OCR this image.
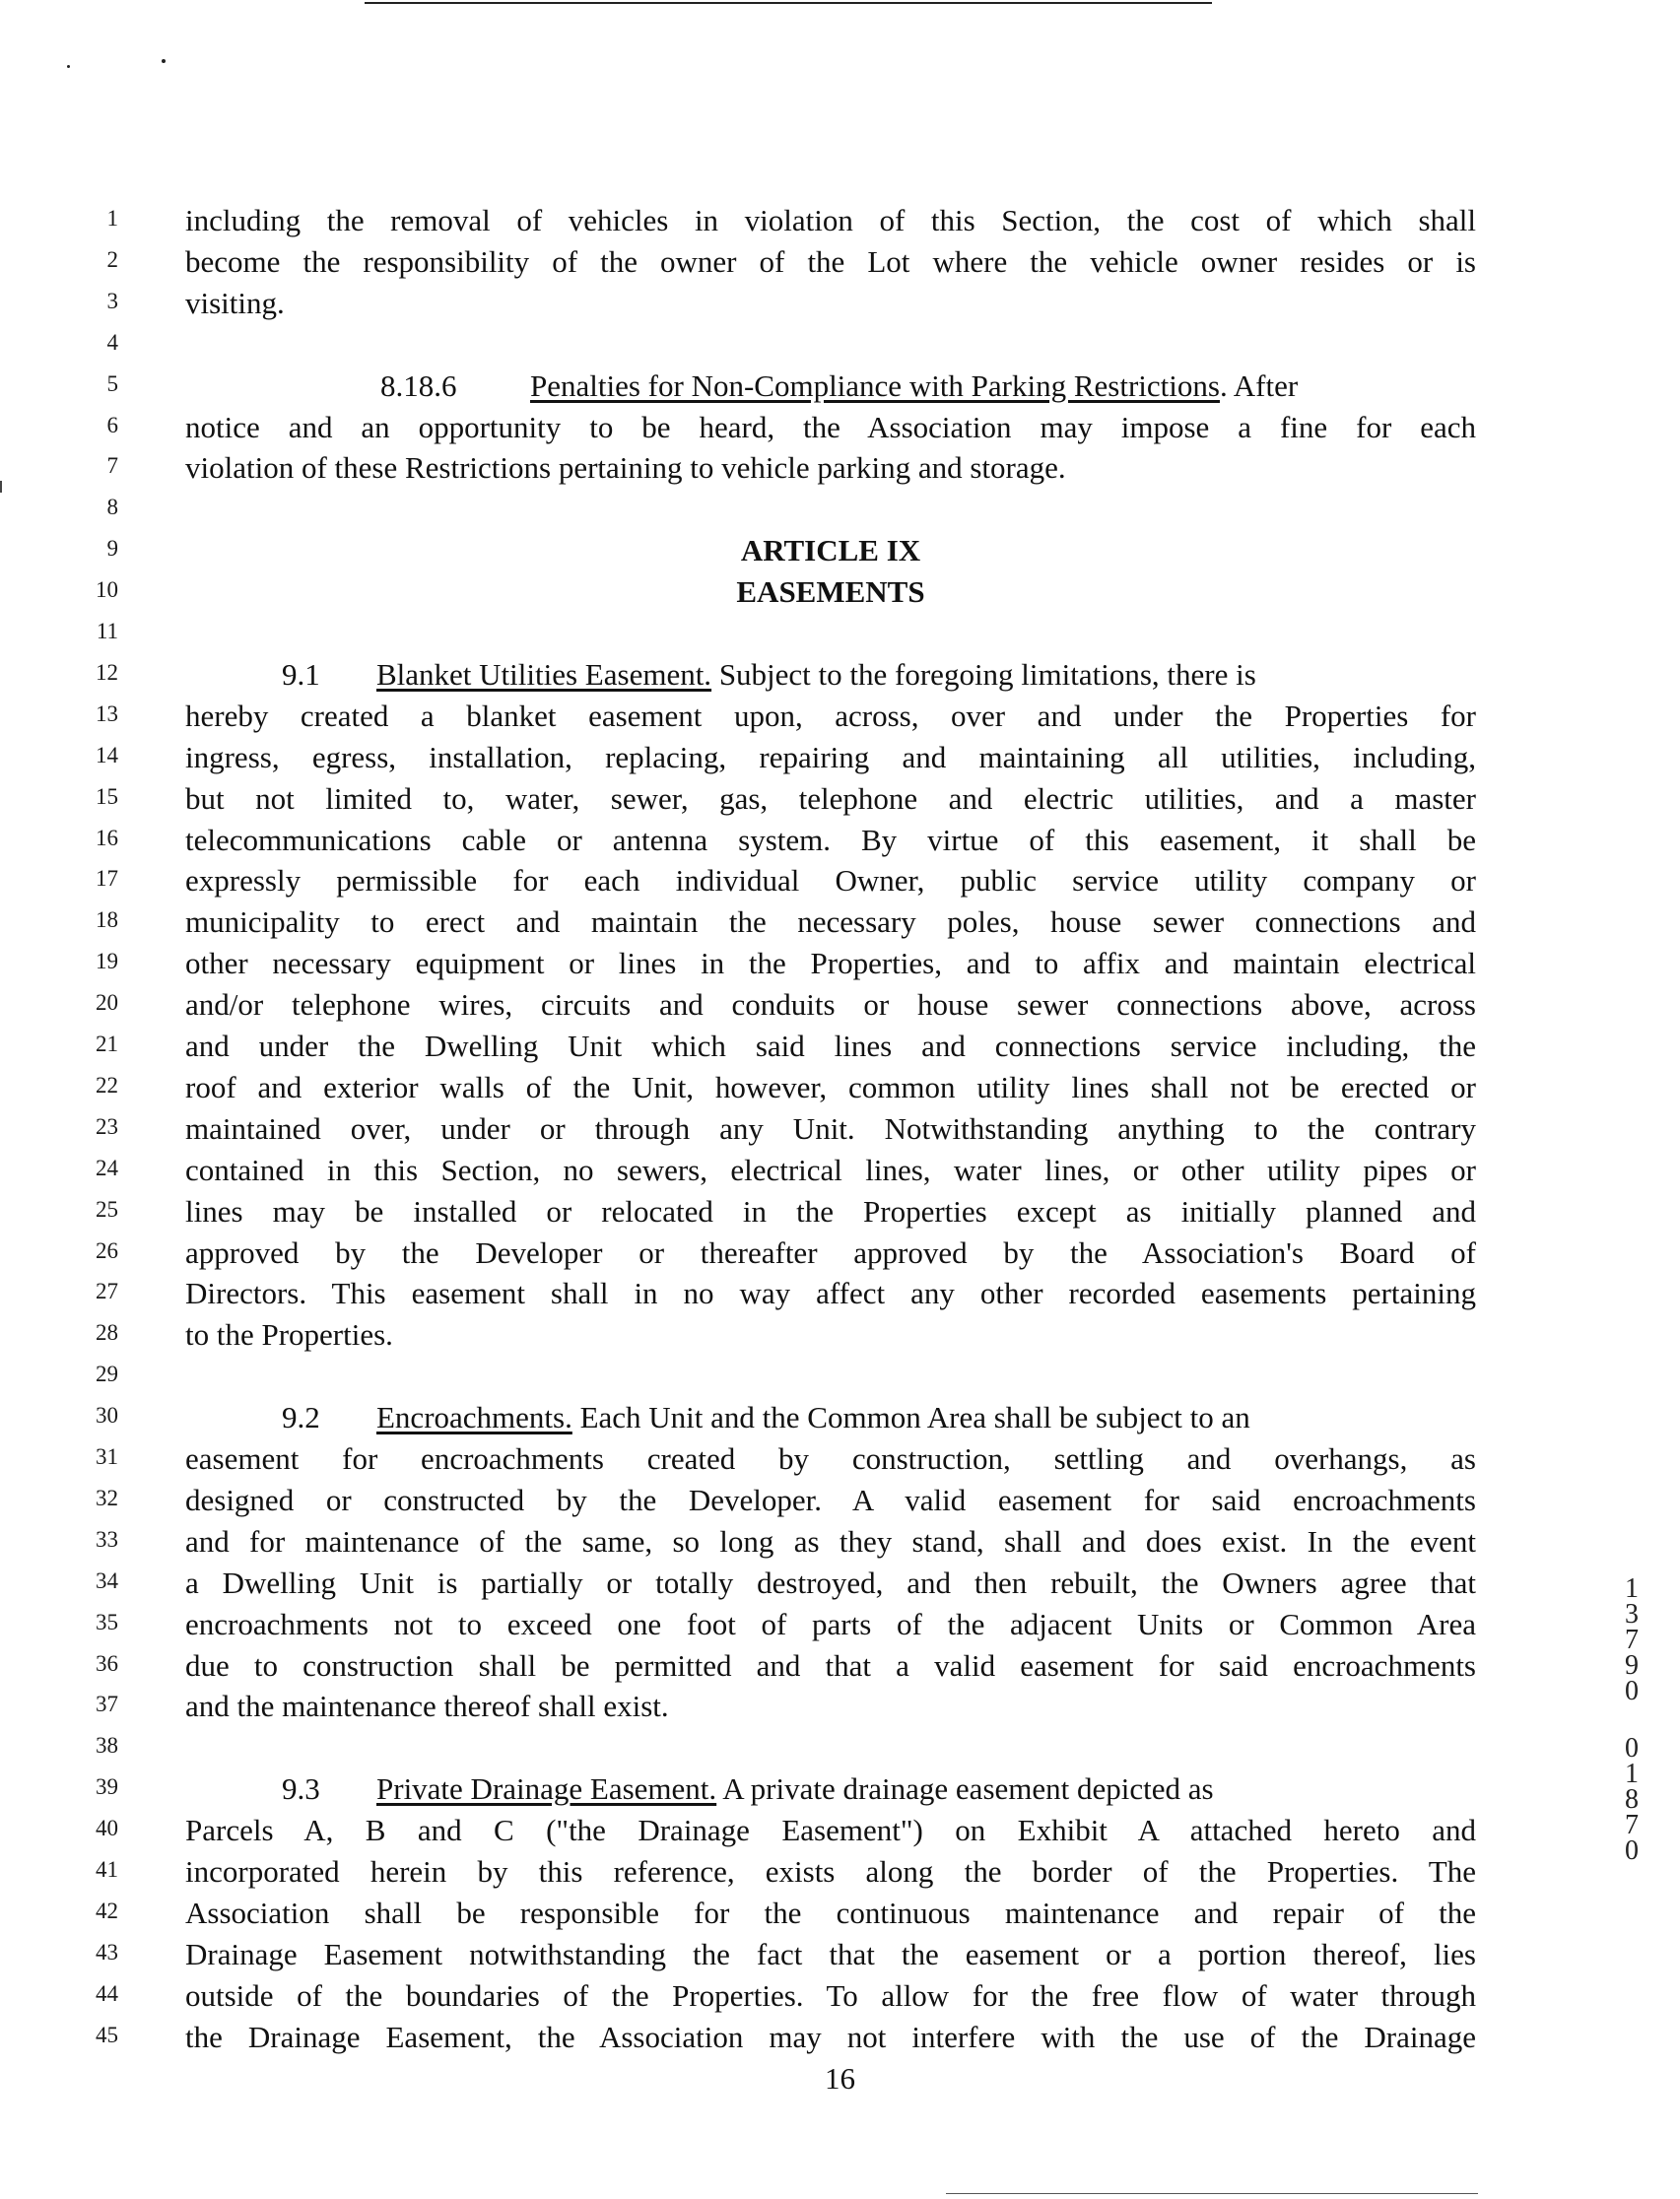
1 including the removal of vehicles in violation of this Section, the cost of which shall
2 become the responsibility of the owner of the Lot where the vehicle owner resides or is
3 visiting.
4
5	8.18.6 Penalties for Non-Compliance with Parking Restrictions. After
6 notice and an opportunity to be heard, the Association may impose a fine for each
7 violation of these Restrictions pertaining to vehicle parking and storage.
8
9	ARTICLE IX
10	EASEMENTS
11
12	9.1 Blanket Utilities Easement. Subject to the foregoing limitations, there is
13 hereby created a blanket easement upon, across, over and under the Properties for
14 ingress, egress, installation, replacing, repairing and maintaining all utilities, including,
15 but not limited to, water, sewer, gas, telephone and electric utilities, and a master
16 telecommunications cable or antenna system. By virtue of this easement, it shall be
17 expressly permissible for each individual Owner, public service utility company or
18 municipality to erect and maintain the necessary poles, house sewer connections and
19 other necessary equipment or lines in the Properties, and to affix and maintain electrical
20 and/or telephone wires, circuits and conduits or house sewer connections above, across
21 and under the Dwelling Unit which said lines and connections service including, the
22 roof and exterior walls of the Unit, however, common utility lines shall not be erected or
23 maintained over, under or through any Unit. Notwithstanding anything to the contrary
24 contained in this Section, no sewers, electrical lines, water lines, or other utility pipes or
25 lines may be installed or relocated in the Properties except as initially planned and
26 approved by the Developer or thereafter approved by the Association's Board of
27 Directors. This easement shall in no way affect any other recorded easements pertaining
28 to the Properties.
29
30	9.2 Encroachments. Each Unit and the Common Area shall be subject to an
31 easement for encroachments created by construction, settling and overhangs, as
32 designed or constructed by the Developer. A valid easement for said encroachments
33 and for maintenance of the same, so long as they stand, shall and does exist. In the event
34 a Dwelling Unit is partially or totally destroyed, and then rebuilt, the Owners agree that
35 encroachments not to exceed one foot of parts of the adjacent Units or Common Area
36 due to construction shall be permitted and that a valid easement for said encroachments
37 and the maintenance thereof shall exist.
38
39	9.3 Private Drainage Easement. A private drainage easement depicted as
40 Parcels A, B and C ("the Drainage Easement") on Exhibit A attached hereto and
41 incorporated herein by this reference, exists along the border of the Properties. The
42 Association shall be responsible for the continuous maintenance and repair of the
43 Drainage Easement notwithstanding the fact that the easement or a portion thereof, lies
44 outside of the boundaries of the Properties. To allow for the free flow of water through
45 the Drainage Easement, the Association may not interfere with the use of the Drainage
16
1
3
7
9
0
0
1
8
7
0
